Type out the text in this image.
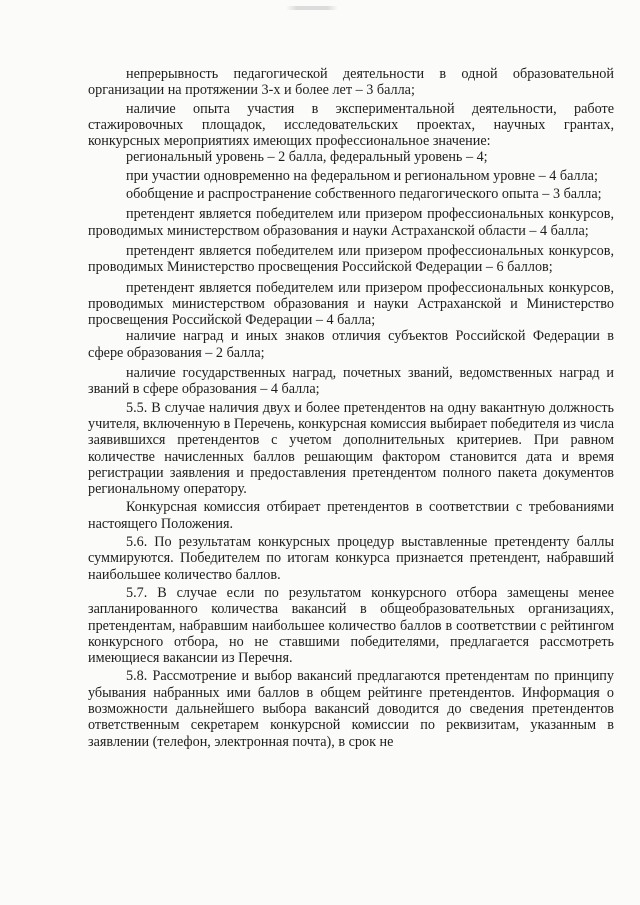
непрерывность педагогической деятельности в одной образовательной организации на протяжении 3-х и более лет – 3 балла;

наличие опыта участия в экспериментальной деятельности, работе стажировочных площадок, исследовательских проектах, научных грантах, конкурсных мероприятиях имеющих профессиональное значение:

региональный уровень – 2 балла, федеральный уровень – 4;

при участии одновременно на федеральном и региональном уровне – 4 балла;

обобщение и распространение собственного педагогического опыта – 3 балла;

претендент является победителем или призером профессиональных конкурсов, проводимых министерством образования и науки Астраханской области – 4 балла;

претендент является победителем или призером профессиональных конкурсов, проводимых Министерство просвещения Российской Федерации – 6 баллов;

претендент является победителем или призером профессиональных конкурсов, проводимых министерством образования и науки Астраханской и Министерство просвещения Российской Федерации – 4 балла;

наличие наград и иных знаков отличия субъектов Российской Федерации в сфере образования – 2 балла;

наличие государственных наград, почетных званий, ведомственных наград и званий в сфере образования – 4 балла;

5.5. В случае наличия двух и более претендентов на одну вакантную должность учителя, включенную в Перечень, конкурсная комиссия выбирает победителя из числа заявившихся претендентов с учетом дополнительных критериев. При равном количестве начисленных баллов решающим фактором становится дата и время регистрации заявления и предоставления претендентом полного пакета документов региональному оператору.

Конкурсная комиссия отбирает претендентов в соответствии с требованиями настоящего Положения.

5.6. По результатам конкурсных процедур выставленные претенденту баллы суммируются. Победителем по итогам конкурса признается претендент, набравший наибольшее количество баллов.

5.7. В случае если по результатом конкурсного отбора замещены менее запланированного количества вакансий в общеобразовательных организациях, претендентам, набравшим наибольшее количество баллов в соответствии с рейтингом конкурсного отбора, но не ставшими победителями, предлагается рассмотреть имеющиеся вакансии из Перечня.

5.8. Рассмотрение и выбор вакансий предлагаются претендентам по принципу убывания набранных ими баллов в общем рейтинге претендентов. Информация о возможности дальнейшего выбора вакансий доводится до сведения претендентов ответственным секретарем конкурсной комиссии по реквизитам, указанным в заявлении (телефон, электронная почта), в срок не
